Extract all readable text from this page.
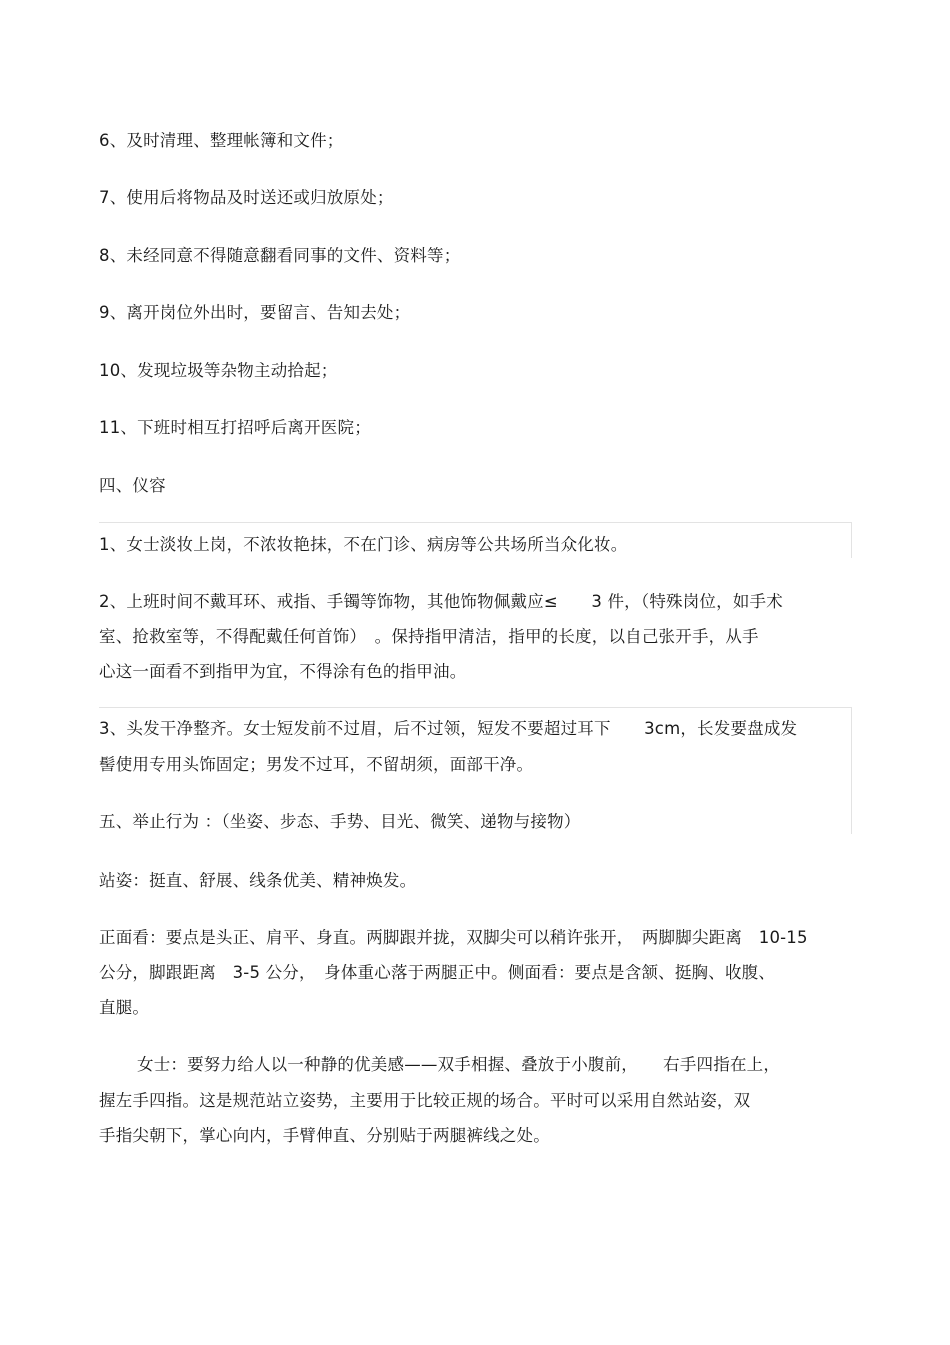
6、及时清理、整理帐簿和文件；
7、使用后将物品及时送还或归放原处；
8、未经同意不得随意翻看同事的文件、资料等；
9、离开岗位外出时，要留言、告知去处；
10、发现垃圾等杂物主动拾起；
11、下班时相互打招呼后离开医院；
四、仪容
1、女士淡妆上岗，不浓妆艳抹，不在门诊、病房等公共场所当众化妆。
2、上班时间不戴耳环、戒指、手镯等饰物，其他饰物佩戴应≤　　3 件，（特殊岗位，如手术
室、抢救室等，不得配戴任何首饰）　。保持指甲清洁，指甲的长度，以自己张开手，从手
心这一面看不到指甲为宜，不得涂有色的指甲油。
3、头发干净整齐。女士短发前不过眉，后不过领，短发不要超过耳下　　3cm，长发要盘成发
髻使用专用头饰固定；男发不过耳，不留胡须，面部干净。
五、举止行为 ：（坐姿、步态、手势、目光、微笑、递物与接物）
站姿：挺直、舒展、线条优美、精神焕发。
正面看：要点是头正、肩平、身直。两脚跟并拢，双脚尖可以稍许张开，　两脚脚尖距离　10-15
公分，脚跟距离　3-5 公分，　身体重心落于两腿正中。侧面看：要点是含颔、挺胸、收腹、
直腿。
女士：要努力给人以一种静的优美感——双手相握、叠放于小腹前，　　右手四指在上，
握左手四指。这是规范站立姿势，主要用于比较正规的场合。平时可以采用自然站姿，双
手指尖朝下，掌心向内，手臂伸直、分别贴于两腿裤线之处。
